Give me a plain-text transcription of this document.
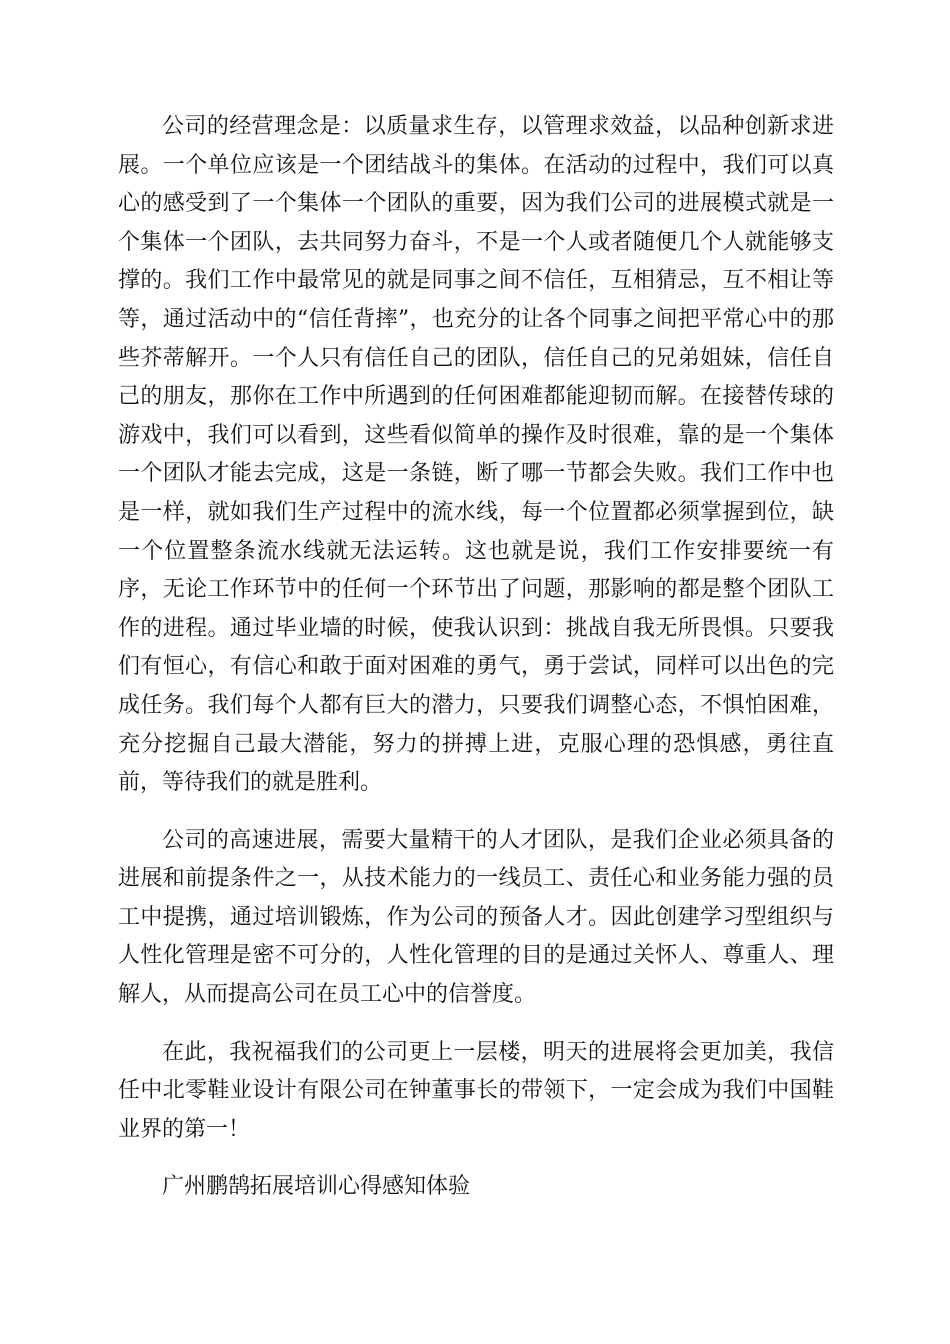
公司的经营理念是：以质量求生存，以管理求效益，以品种创新求进展。一个单位应该是一个团结战斗的集体。在活动的过程中，我们可以真心的感受到了一个集体一个团队的重要，因为我们公司的进展模式就是一个集体一个团队，去共同努力奋斗，不是一个人或者随便几个人就能够支撑的。我们工作中最常见的就是同事之间不信任，互相猜忌，互不相让等等，通过活动中的“信任背摔”，也充分的让各个同事之间把平常心中的那些芥蒂解开。一个人只有信任自己的团队，信任自己的兄弟姐妹，信任自己的朋友，那你在工作中所遇到的任何困难都能迎韧而解。在接替传球的游戏中，我们可以看到，这些看似简单的操作及时很难，靠的是一个集体一个团队才能去完成，这是一条链，断了哪一节都会失败。我们工作中也是一样，就如我们生产过程中的流水线，每一个位置都必须掌握到位，缺一个位置整条流水线就无法运转。这也就是说，我们工作安排要统一有序，无论工作环节中的任何一个环节出了问题，那影响的都是整个团队工作的进程。通过毕业墙的时候，使我认识到：挑战自我无所畏惧。只要我们有恒心，有信心和敢于面对困难的勇气，勇于尝试，同样可以出色的完成任务。我们每个人都有巨大的潜力，只要我们调整心态，不惧怕困难，充分挖掘自己最大潜能，努力的拼搏上进，克服心理的恐惧感，勇往直前，等待我们的就是胜利。

公司的高速进展，需要大量精干的人才团队，是我们企业必须具备的进展和前提条件之一，从技术能力的一线员工、责任心和业务能力强的员工中提携，通过培训锻炼，作为公司的预备人才。因此创建学习型组织与人性化管理是密不可分的，人性化管理的目的是通过关怀人、尊重人、理解人，从而提高公司在员工心中的信誉度。

在此，我祝福我们的公司更上一层楼，明天的进展将会更加美，我信任中北零鞋业设计有限公司在钟董事长的带领下，一定会成为我们中国鞋业界的第一！

广州鹏鹄拓展培训心得感知体验
